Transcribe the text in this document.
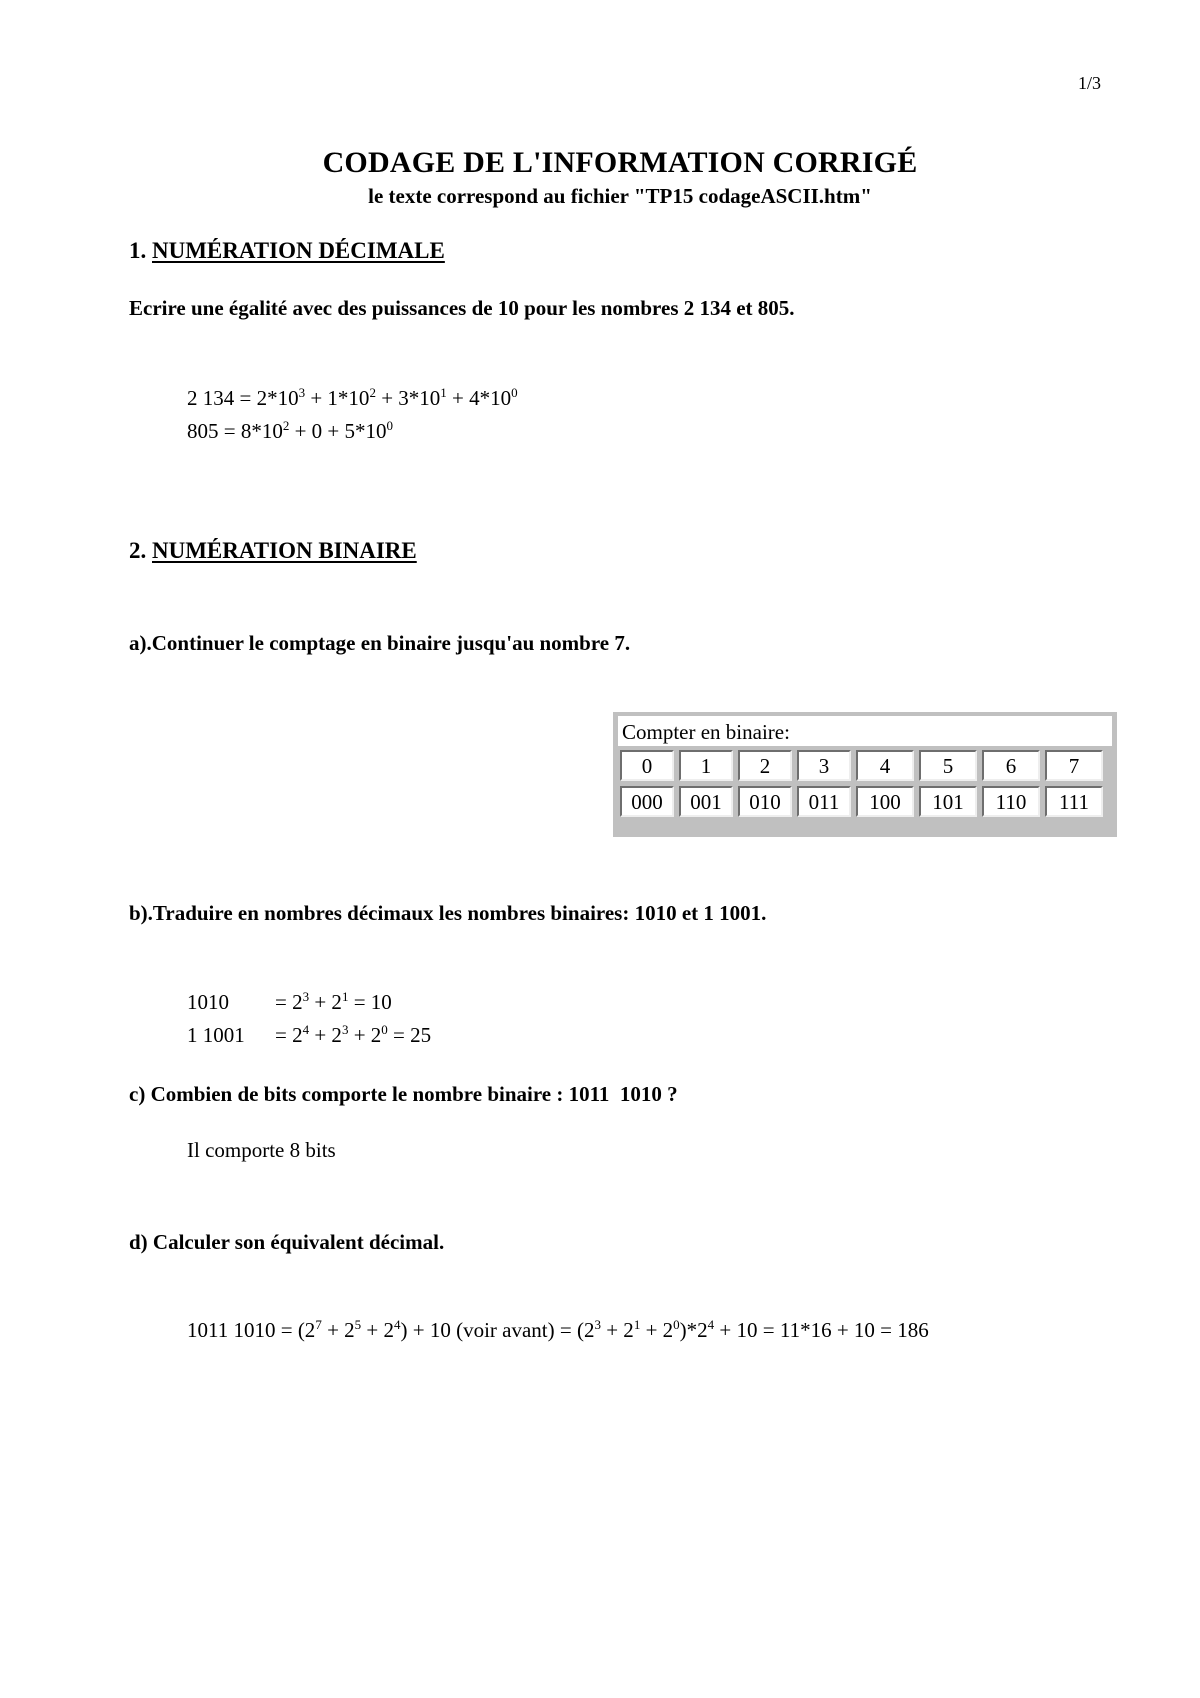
1/3
CODAGE DE L'INFORMATION CORRIGÉ
le texte correspond au fichier "TP15 codageASCII.htm"
1. NUMÉRATION DÉCIMALE
Ecrire une égalité avec des puissances de 10 pour les nombres 2 134 et 805.
2 $134 = 2*10^3 + 1*10^2 + 3*10^1 + 4*10^0$
$805 = 8*10^2 + 0 + 5*10^0$
2. NUMÉRATION BINAIRE
a).Continuer le comptage en binaire jusqu'au nombre 7.
Compter en binaire:
0	1	2	3	4	5	6	7
000	001	010	011	100	101	110	111
b).Traduire en nombres décimaux les nombres binaires: 1010 et 1 1001.
$1010 = 2^3 + 2^1 = 10$
1 $1001 = 2^4 + 2^3 + 2^0 = 25$
c) Combien de bits comporte le nombre binaire : 1011  1010 ?
Il comporte 8 bits
d) Calculer son équivalent décimal.
1011 $1010 = (2^7 + 2^5 + 2^4) + 10$ (voir avant) = $(2^3 + 2^1 + 2^0)*2^4 + 10 = 11*16 + 10 = 186$
